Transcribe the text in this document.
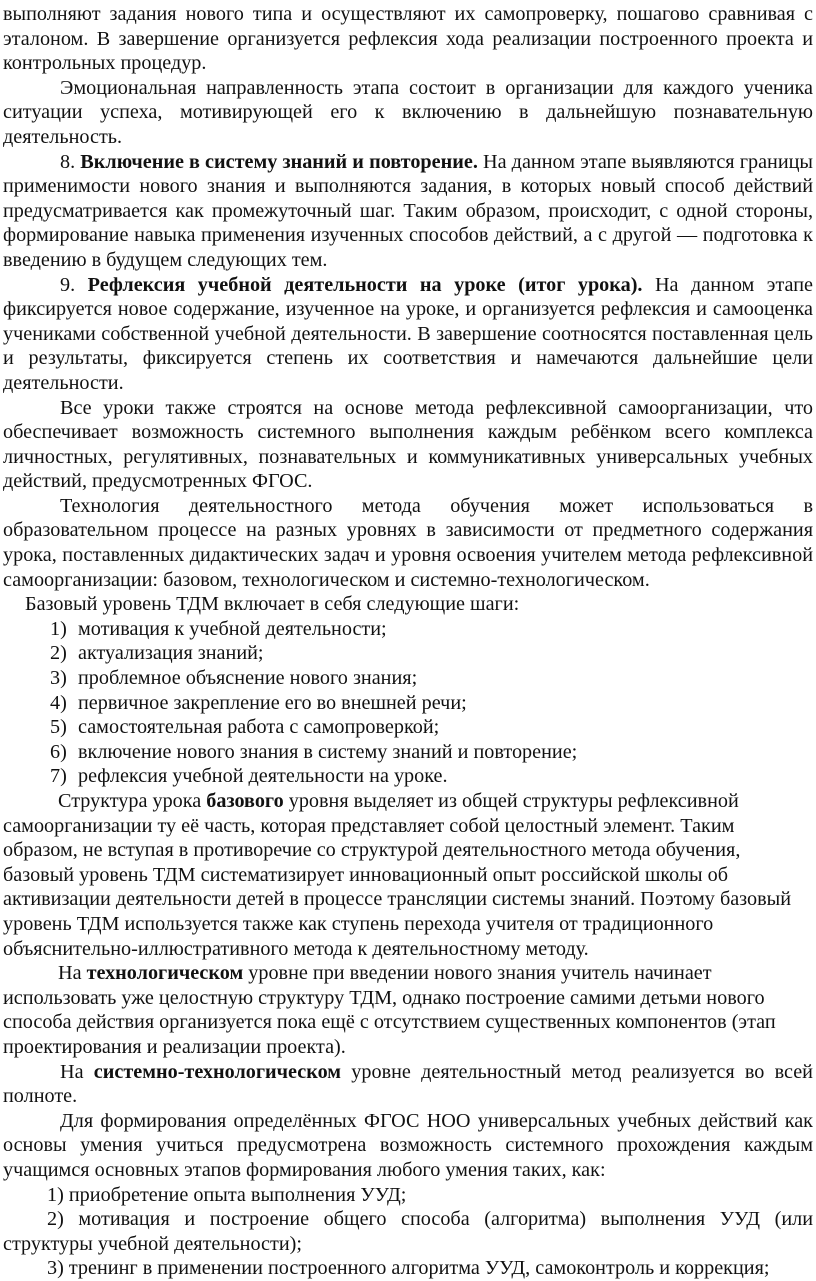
выполняют задания нового типа и осуществляют их самопроверку, пошагово сравнивая с эталоном. В завершение организуется рефлексия хода реализации построенного проекта и контрольных процедур.

Эмоциональная направленность этапа состоит в организации для каждого ученика ситуации успеха, мотивирующей его к включению в дальнейшую познавательную деятельность.

8. Включение в систему знаний и повторение. На данном этапе выявляются границы применимости нового знания и выполняются задания, в которых новый способ действий предусматривается как промежуточный шаг. Таким образом, происходит, с одной стороны, формирование навыка применения изученных способов действий, а с другой — подготовка к введению в будущем следующих тем.

9. Рефлексия учебной деятельности на уроке (итог урока). На данном этапе фиксируется новое содержание, изученное на уроке, и организуется рефлексия и самооценка учениками собственной учебной деятельности. В завершение соотносятся поставленная цель и результаты, фиксируется степень их соответствия и намечаются дальнейшие цели деятельности.

Все уроки также строятся на основе метода рефлексивной самоорганизации, что обеспечивает возможность системного выполнения каждым ребёнком всего комплекса личностных, регулятивных, познавательных и коммуникативных универсальных учебных действий, предусмотренных ФГОС.

Технология деятельностного метода обучения может использоваться в образовательном процессе на разных уровнях в зависимости от предметного содержания урока, поставленных дидактических задач и уровня освоения учителем метода рефлексивной самоорганизации: базовом, технологическом и системно-технологическом.

Базовый уровень ТДМ включает в себя следующие шаги:

1) мотивация к учебной деятельности;
2) актуализация знаний;
3) проблемное объяснение нового знания;
4) первичное закрепление его во внешней речи;
5) самостоятельная работа с самопроверкой;
6) включение нового знания в систему знаний и повторение;
7) рефлексия учебной деятельности на уроке.

Структура урока базового уровня выделяет из общей структуры рефлексивной самоорганизации ту её часть, которая представляет собой целостный элемент. Таким образом, не вступая в противоречие со структурой деятельностного метода обучения, базовый уровень ТДМ систематизирует инновационный опыт российской школы об активизации деятельности детей в процессе трансляции системы знаний. Поэтому базовый уровень ТДМ используется также как ступень перехода учителя от традиционного объяснительно-иллюстративного метода к деятельностному методу.

На технологическом уровне при введении нового знания учитель начинает использовать уже целостную структуру ТДМ, однако построение самими детьми нового способа действия организуется пока ещё с отсутствием существенных компонентов (этап проектирования и реализации проекта).

На системно-технологическом уровне деятельностный метод реализуется во всей полноте.

Для формирования определённых ФГОС НОО универсальных учебных действий как основы умения учиться предусмотрена возможность системного прохождения каждым учащимся основных этапов формирования любого умения таких, как:

1) приобретение опыта выполнения УУД;

2) мотивация и построение общего способа (алгоритма) выполнения УУД (или структуры учебной деятельности);

3) тренинг в применении построенного алгоритма УУД, самоконтроль и коррекция;
